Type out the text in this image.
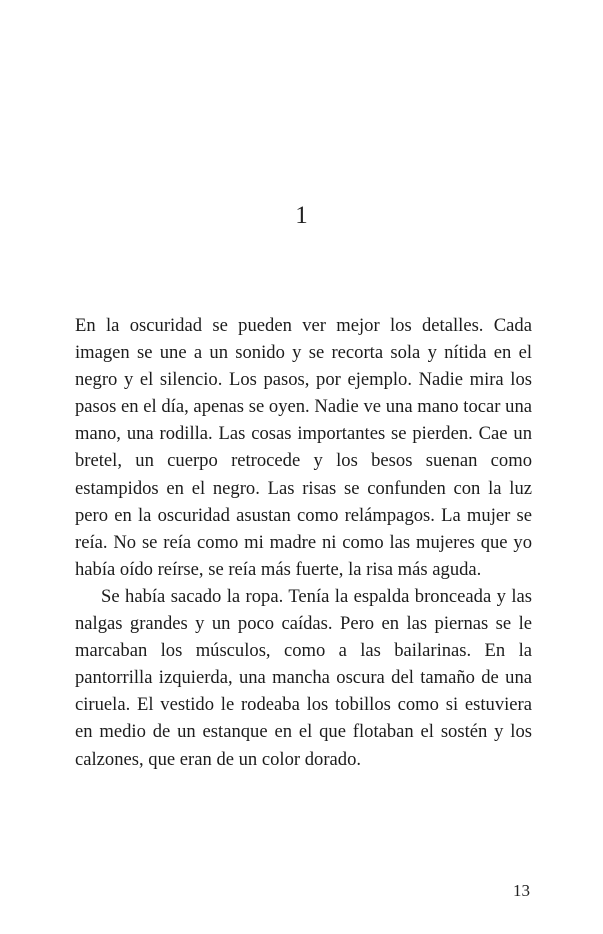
1

En la oscuridad se pueden ver mejor los detalles. Cada imagen se une a un sonido y se recorta sola y nítida en el negro y el silencio. Los pasos, por ejemplo. Nadie mira los pasos en el día, apenas se oyen. Nadie ve una mano tocar una mano, una rodilla. Las cosas importantes se pierden. Cae un bretel, un cuerpo retrocede y los besos suenan como estampidos en el negro. Las risas se confunden con la luz pero en la oscuridad asustan como relámpagos. La mujer se reía. No se reía como mi madre ni como las mujeres que yo había oído reírse, se reía más fuerte, la risa más aguda.

Se había sacado la ropa. Tenía la espalda bronceada y las nalgas grandes y un poco caídas. Pero en las piernas se le marcaban los músculos, como a las bailarinas. En la pantorrilla izquierda, una mancha oscura del tamaño de una ciruela. El vestido le rodeaba los tobillos como si estuviera en medio de un estanque en el que flotaban el sostén y los calzones, que eran de un color dorado.

13
